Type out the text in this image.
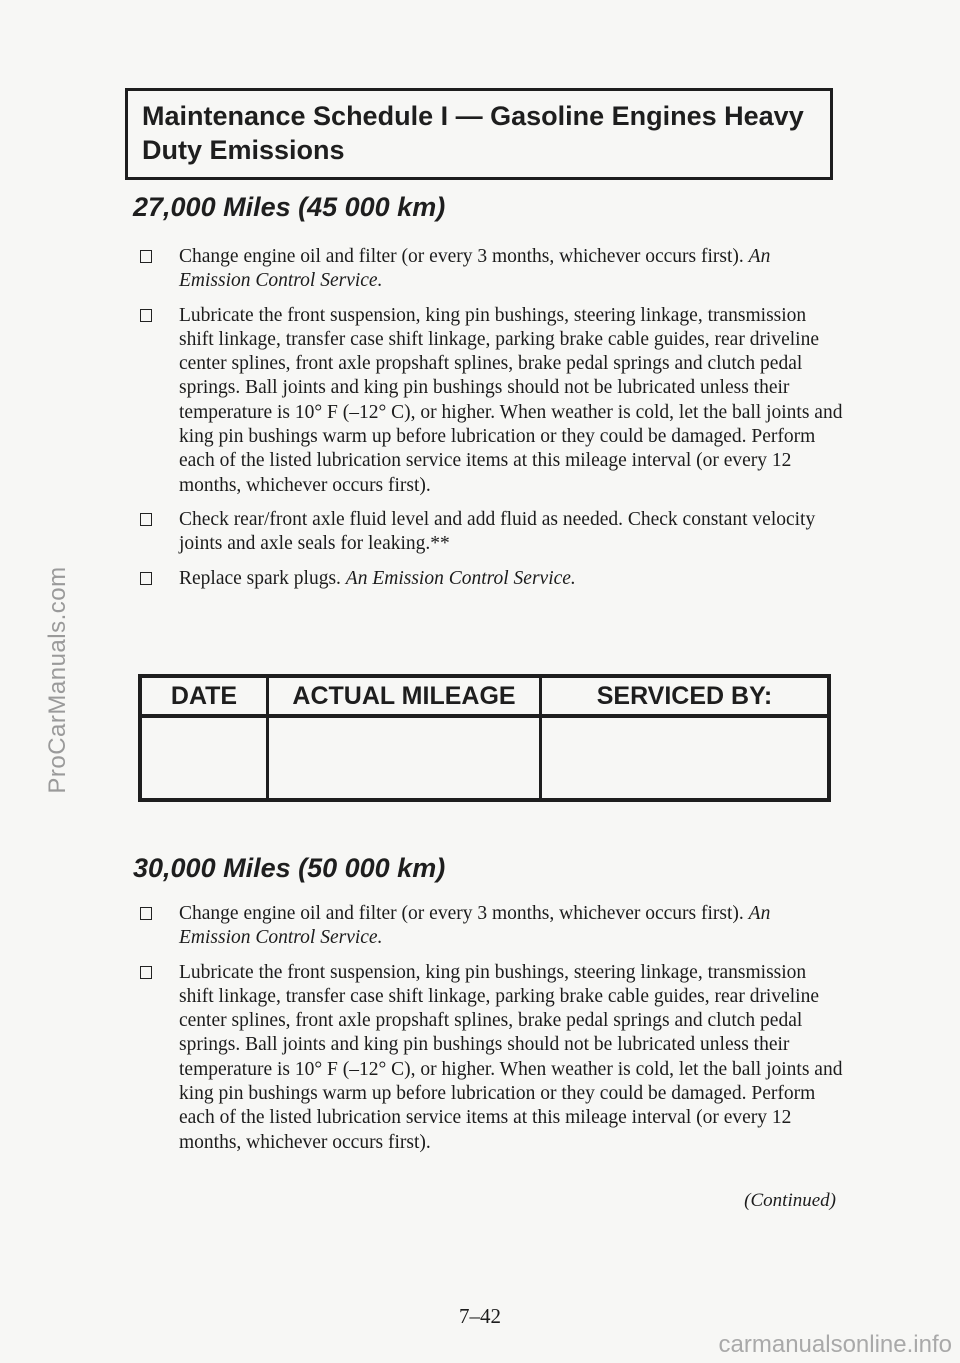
ProCarManuals.com
Maintenance Schedule I — Gasoline Engines Heavy
Duty Emissions
27,000 Miles (45 000 km)
Change engine oil and filter (or every 3 months, whichever occurs first). An Emission Control Service.
Lubricate the front suspension, king pin bushings, steering linkage, transmission shift linkage, transfer case shift linkage, parking brake cable guides, rear driveline center splines, front axle propshaft splines, brake pedal springs and clutch pedal springs. Ball joints and king pin bushings should not be lubricated unless their temperature is 10° F (–12° C), or higher. When weather is cold, let the ball joints and king pin bushings warm up before lubrication or they could be damaged. Perform each of the listed lubrication service items at this mileage interval (or every 12 months, whichever occurs first).
Check rear/front axle fluid level and add fluid as needed. Check constant velocity joints and axle seals for leaking.**
Replace spark plugs. An Emission Control Service.
DATE	ACTUAL MILEAGE	SERVICED BY:

30,000 Miles (50 000 km)
Change engine oil and filter (or every 3 months, whichever occurs first). An Emission Control Service.
Lubricate the front suspension, king pin bushings, steering linkage, transmission shift linkage, transfer case shift linkage, parking brake cable guides, rear driveline center splines, front axle propshaft splines, brake pedal springs and clutch pedal springs. Ball joints and king pin bushings should not be lubricated unless their temperature is 10° F (–12° C), or higher. When weather is cold, let the ball joints and king pin bushings warm up before lubrication or they could be damaged. Perform each of the listed lubrication service items at this mileage interval (or every 12 months, whichever occurs first).
(Continued)
7–42
carmanualsonline.info
